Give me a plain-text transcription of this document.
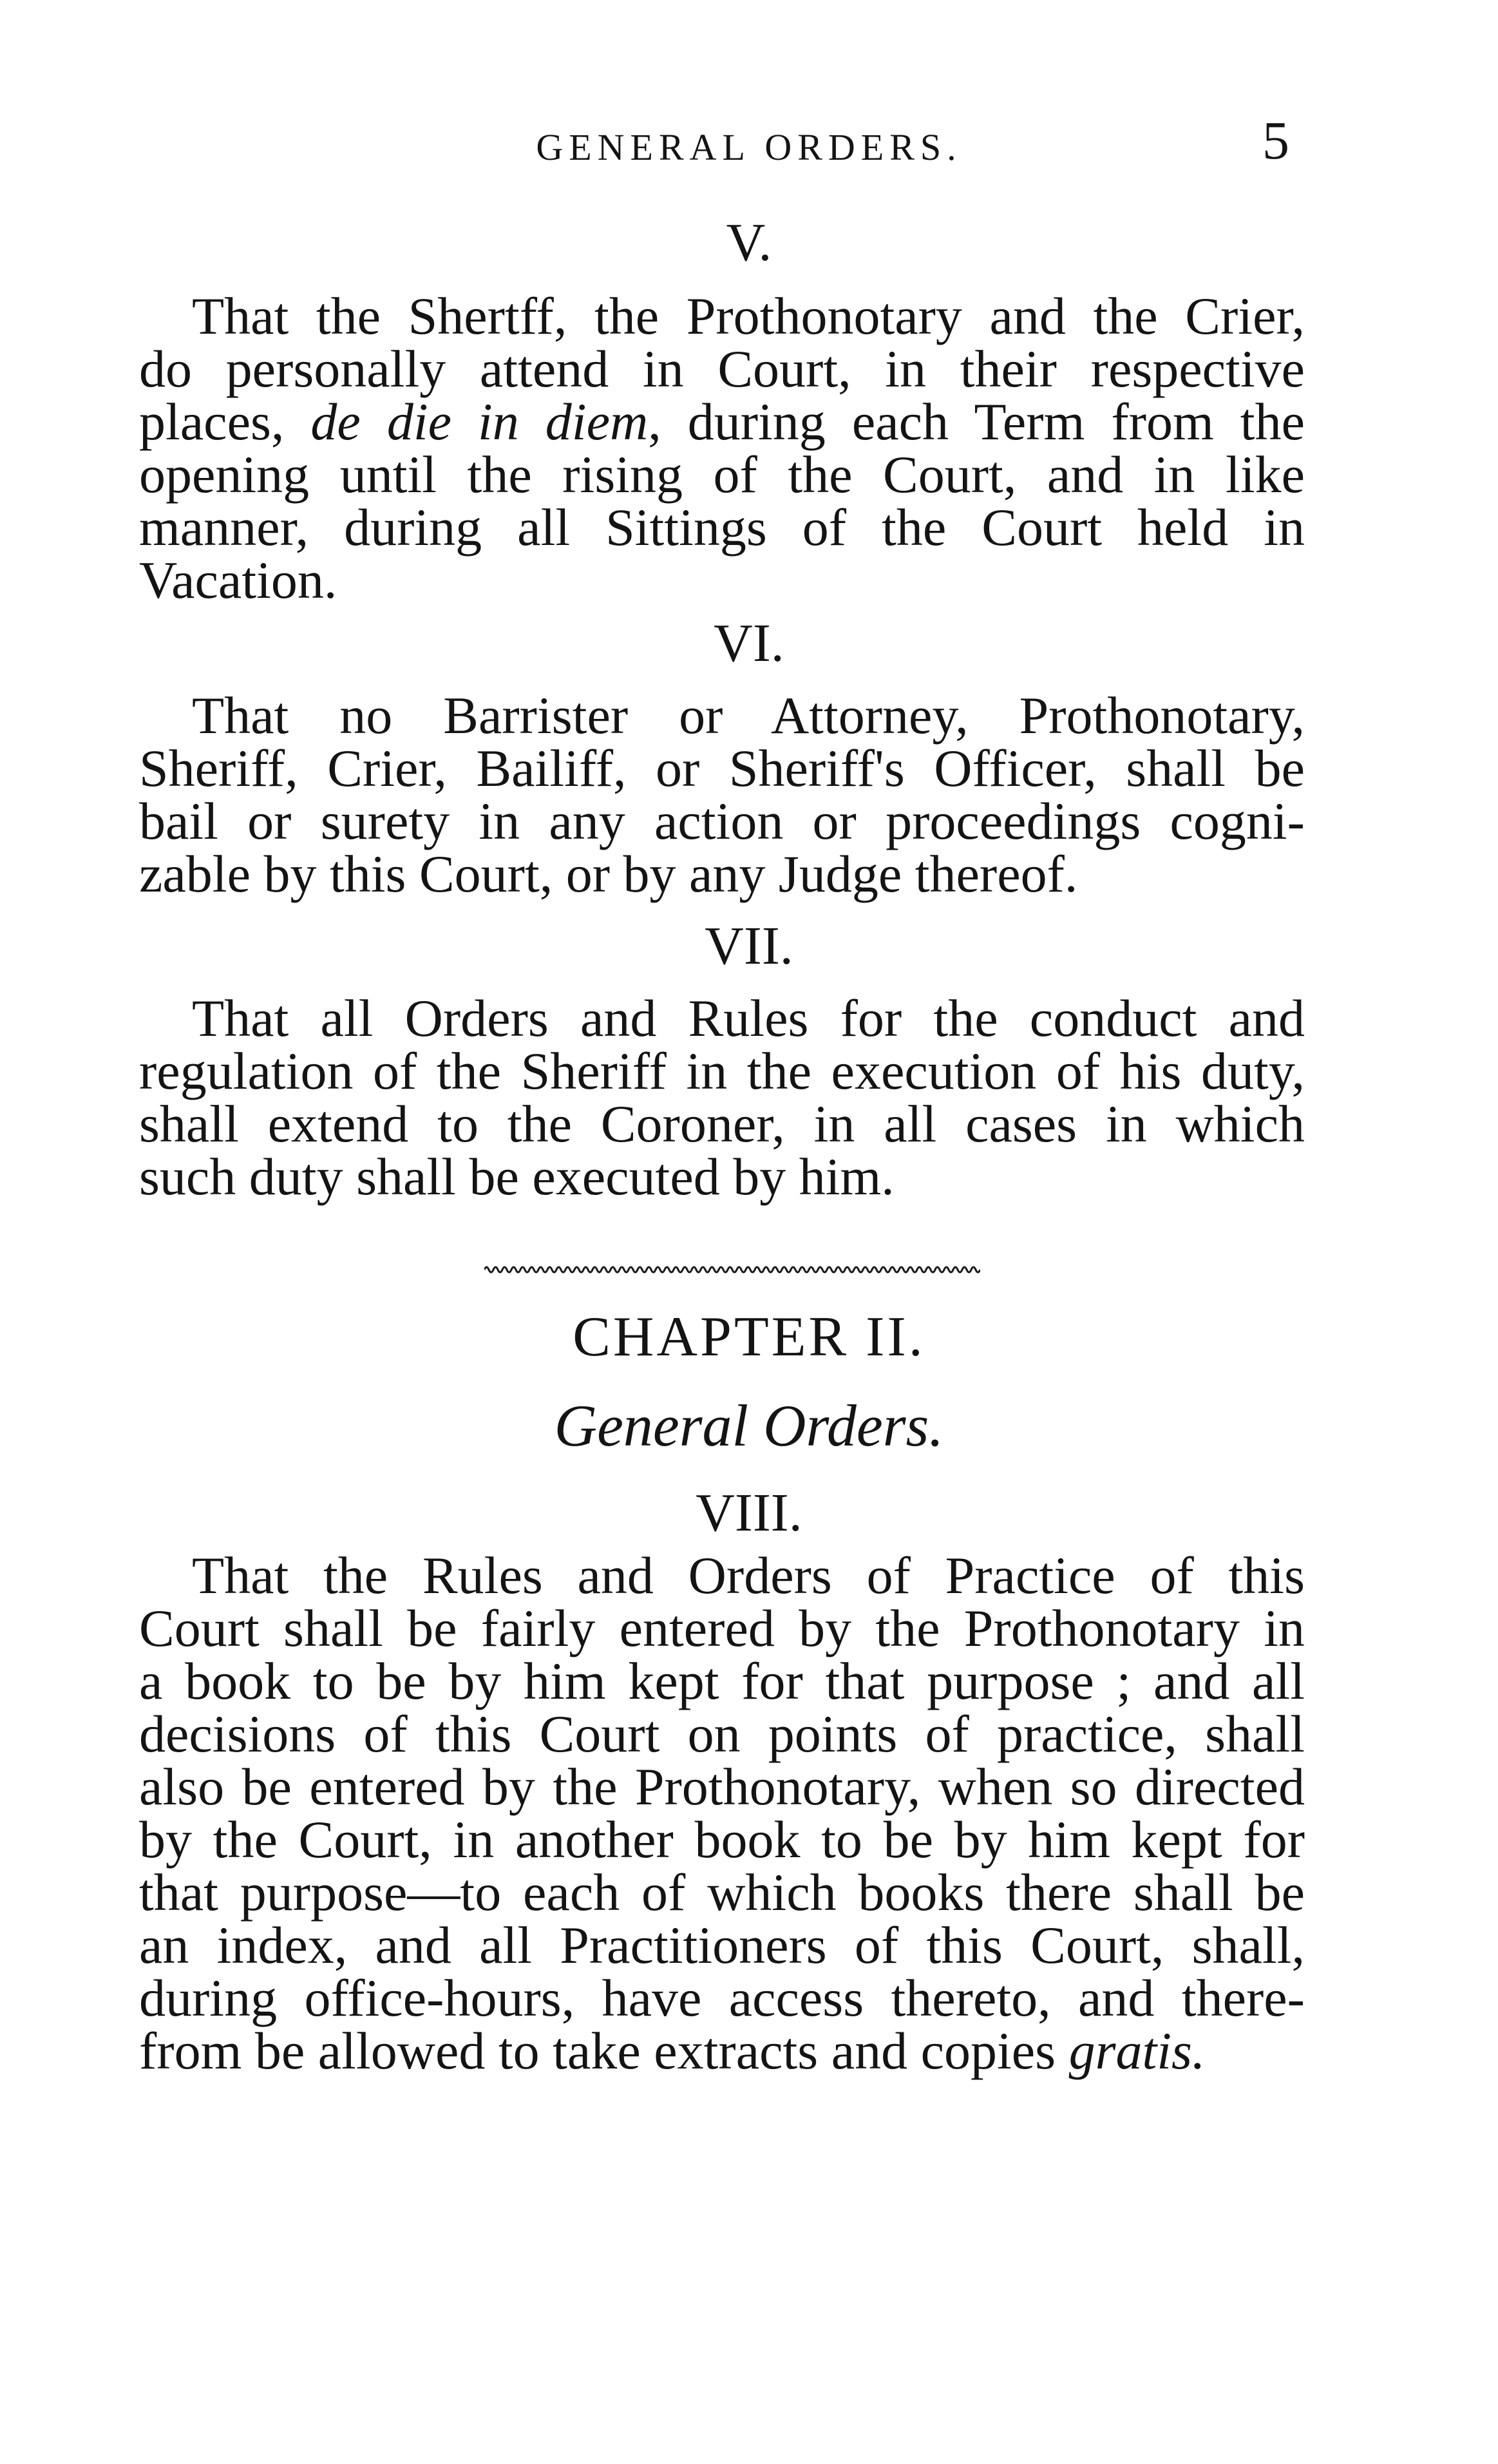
GENERAL ORDERS.	5
V.
That the Shertff, the Prothonotary and the Crier,
do personally attend in Court, in their respective
places, de die in diem, during each Term from the
opening until the rising of the Court, and in like
manner, during all Sittings of the Court held in
Vacation.
VI.
That no Barrister or Attorney, Prothonotary,
Sheriff, Crier, Bailiff, or Sheriff's Officer, shall be
bail or surety in any action or proceedings cogni-
zable by this Court, or by any Judge thereof.
VII.
That all Orders and Rules for the conduct and
regulation of the Sheriff in the execution of his duty,
shall extend to the Coroner, in all cases in which
such duty shall be executed by him.
CHAPTER II.
General Orders.
VIII.
That the Rules and Orders of Practice of this
Court shall be fairly entered by the Prothonotary in
a book to be by him kept for that purpose ; and all
decisions of this Court on points of practice, shall
also be entered by the Prothonotary, when so directed
by the Court, in another book to be by him kept for
that purpose—to each of which books there shall be
an index, and all Practitioners of this Court, shall,
during office-hours, have access thereto, and there-
from be allowed to take extracts and copies gratis.
